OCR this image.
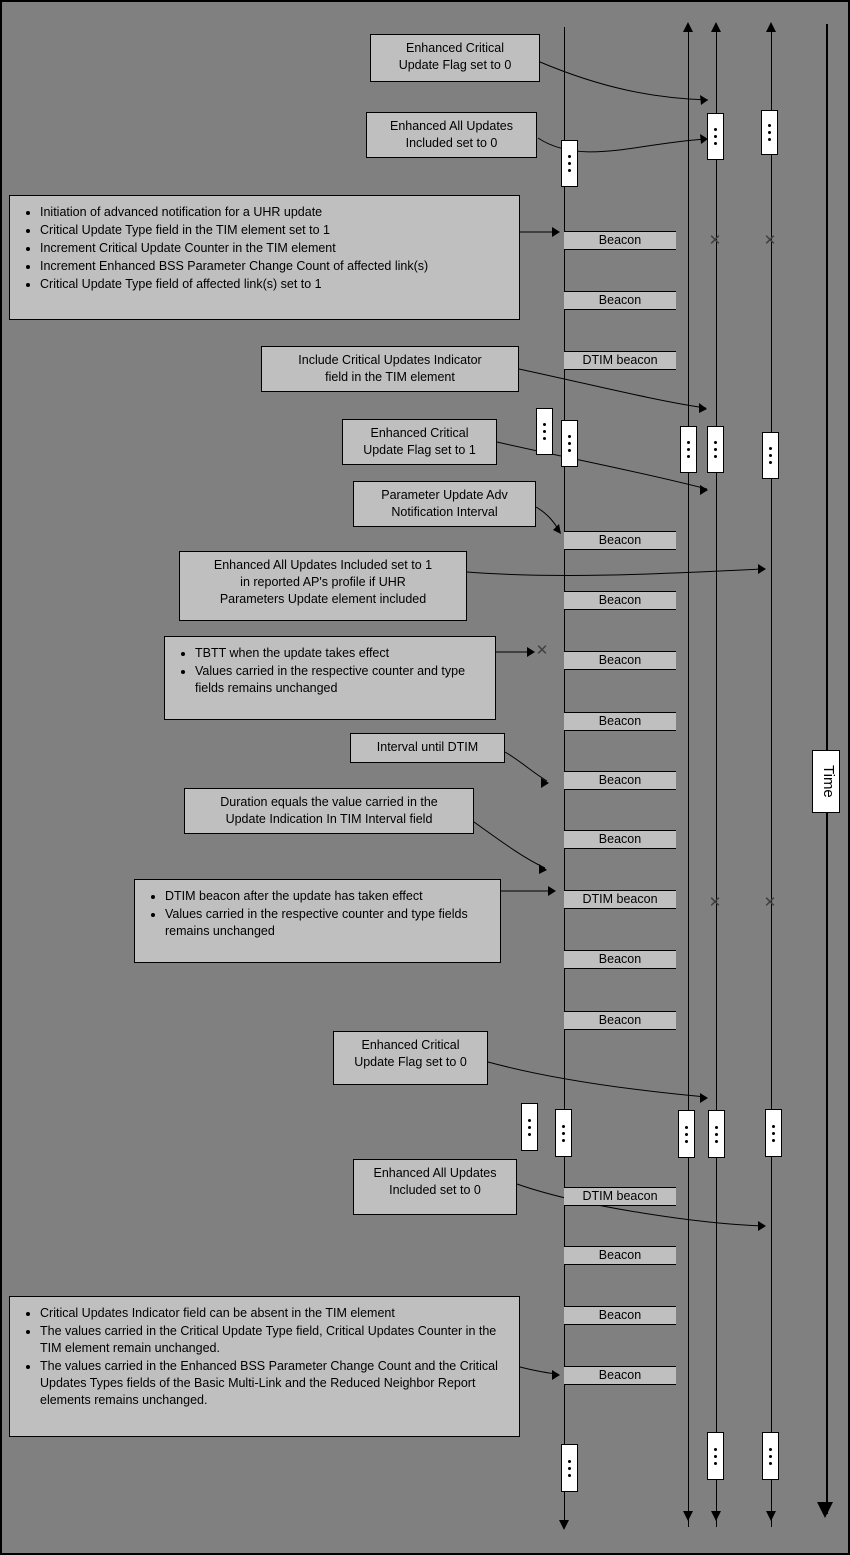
Beacon
Beacon
DTIM beacon
Beacon
Beacon
Beacon
Beacon
Beacon
Beacon
DTIM beacon
Beacon
Beacon
DTIM beacon
Beacon
Beacon
Beacon
✕	✕
✕
✕	✕
Enhanced Critical
Update Flag set to 0
Enhanced All Updates
Included set to 0
• Initiation of advanced notification for a UHR update
• Critical Update Type field in the TIM element set to 1
• Increment Critical Update Counter in the TIM element
• Increment Enhanced BSS Parameter Change Count of affected link(s)
• Critical Update Type field of affected link(s) set to 1
Include Critical Updates Indicator
field in the TIM element
Enhanced Critical
Update Flag set to 1
Parameter Update Adv
Notification Interval
Enhanced All Updates Included set to 1
in reported AP's profile if UHR
Parameters Update element included
• TBTT when the update takes effect
• Values carried in the respective counter and type fields remains unchanged
Interval until DTIM
Duration equals the value carried in the
Update Indication In TIM Interval field
• DTIM beacon after the update has taken effect
• Values carried in the respective counter and type fields remains unchanged
Enhanced Critical
Update Flag set to 0
Enhanced All Updates
Included set to 0
• Critical Updates Indicator field can be absent in the TIM element
• The values carried in the Critical Update Type field, Critical Updates Counter in the TIM element remain unchanged.
• The values carried in the Enhanced BSS Parameter Change Count and the Critical Updates Types fields of the Basic Multi-Link and the Reduced Neighbor Report elements remains unchanged.
Time
